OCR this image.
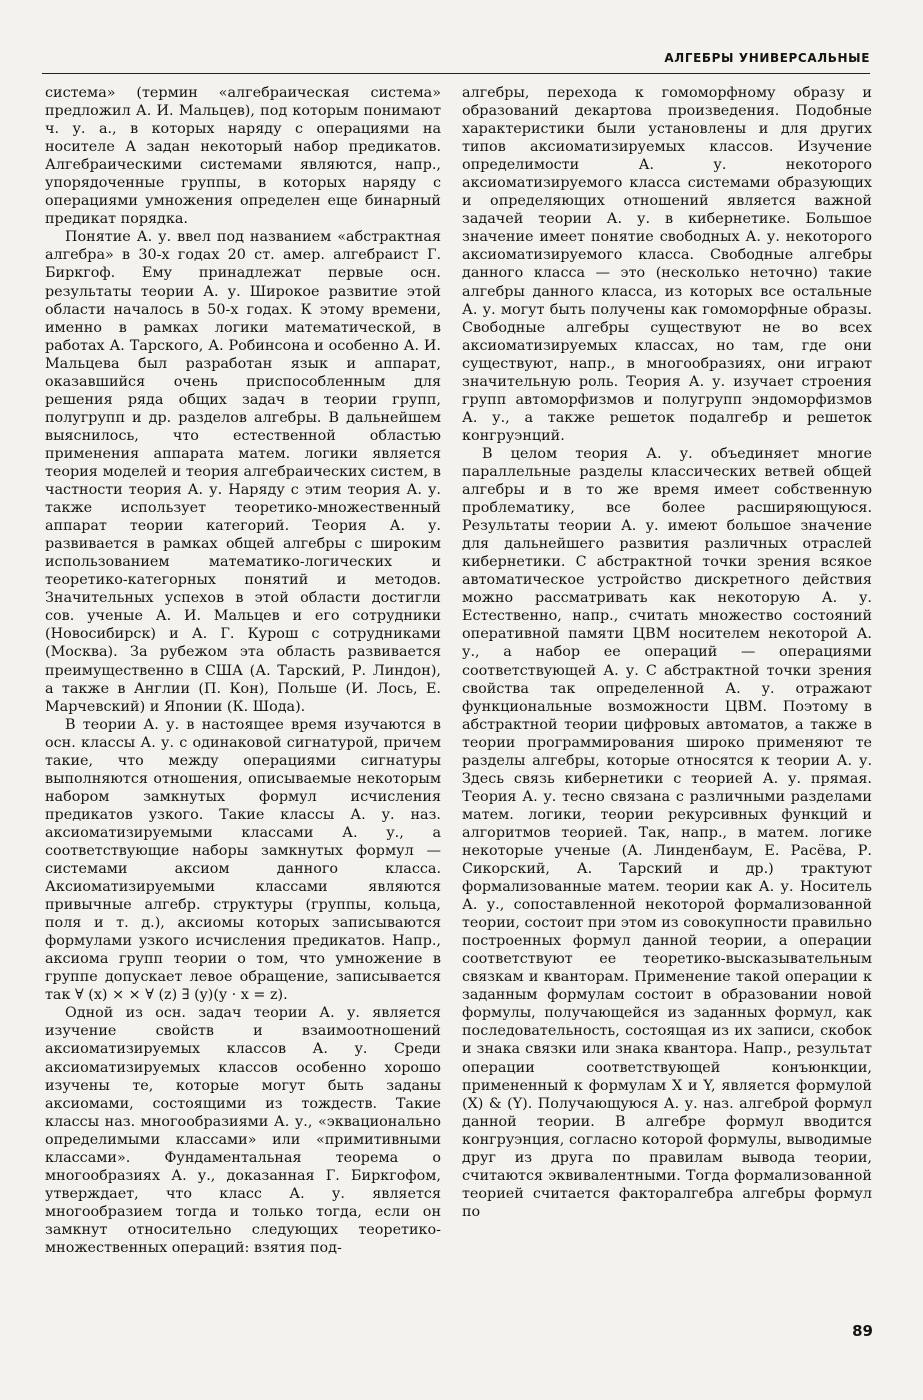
АЛГЕБРЫ УНИВЕРСАЛЬНЫЕ

система» (термин «алгебраическая система» предложил А. И. Мальцев), под которым понимают ч. у. а., в которых наряду с операциями на носителе A задан некоторый набор предикатов. Алгебраическими системами являются, напр., упорядоченные группы, в которых наряду с операциями умножения определен еще бинарный предикат порядка.

Понятие А. у. ввел под названием «абстрактная алгебра» в 30-х годах 20 ст. амер. алгебраист Г. Биркгоф. Ему принадлежат первые осн. результаты теории А. у. Широкое развитие этой области началось в 50-х годах. К этому времени, именно в рамках логики математической, в работах А. Тарского, А. Робинсона и особенно А. И. Мальцева был разработан язык и аппарат, оказавшийся очень приспособленным для решения ряда общих задач в теории групп, полугрупп и др. разделов алгебры. В дальнейшем выяснилось, что естественной областью применения аппарата матем. логики является теория моделей и теория алгебраических систем, в частности теория А. у. Наряду с этим теория А. у. также использует теоретико-множественный аппарат теории категорий. Теория А. у. развивается в рамках общей алгебры с широким использованием математико-логических и теоретико-категорных понятий и методов. Значительных успехов в этой области достигли сов. ученые А. И. Мальцев и его сотрудники (Новосибирск) и А. Г. Курош с сотрудниками (Москва). За рубежом эта область развивается преимущественно в США (А. Тарский, Р. Линдон), а также в Англии (П. Кон), Польше (И. Лось, Е. Марчевский) и Японии (К. Шода).

В теории А. у. в настоящее время изучаются в осн. классы А. у. с одинаковой сигнатурой, причем такие, что между операциями сигнатуры выполняются отношения, описываемые некоторым набором замкнутых формул исчисления предикатов узкого. Такие классы А. у. наз. аксиоматизируемыми классами А. у., а соответствующие наборы замкнутых формул — системами аксиом данного класса. Аксиоматизируемыми классами являются привычные алгебр. структуры (группы, кольца, поля и т. д.), аксиомы которых записываются формулами узкого исчисления предикатов. Напр., аксиома групп теории о том, что умножение в группе допускает левое обращение, записывается так ∀ (x) × × ∀ (z) ∃ (y)(y · x = z).

Одной из осн. задач теории А. у. является изучение свойств и взаимоотношений аксиоматизируемых классов А. у. Среди аксиоматизируемых классов особенно хорошо изучены те, которые могут быть заданы аксиомами, состоящими из тождеств. Такие классы наз. многообразиями А. у., «эквационально определимыми классами» или «примитивными классами». Фундаментальная теорема о многообразиях А. у., доказанная Г. Биркгофом, утверждает, что класс А. у. является многообразием тогда и только тогда, если он замкнут относительно следующих теоретико-множественных операций: взятия под-

алгебры, перехода к гомоморфному образу и образований декартова произведения. Подобные характеристики были установлены и для других типов аксиоматизируемых классов. Изучение определимости А. у. некоторого аксиоматизируемого класса системами образующих и определяющих отношений является важной задачей теории А. у. в кибернетике. Большое значение имеет понятие свободных А. у. некоторого аксиоматизируемого класса. Свободные алгебры данного класса — это (несколько неточно) такие алгебры данного класса, из которых все остальные А. у. могут быть получены как гомоморфные образы. Свободные алгебры существуют не во всех аксиоматизируемых классах, но там, где они существуют, напр., в многообразиях, они играют значительную роль. Теория А. у. изучает строения групп автоморфизмов и полугрупп эндоморфизмов А. у., а также решеток подалгебр и решеток конгруэнций.

В целом теория А. у. объединяет многие параллельные разделы классических ветвей общей алгебры и в то же время имеет собственную проблематику, все более расширяющуюся. Результаты теории А. у. имеют большое значение для дальнейшего развития различных отраслей кибернетики. С абстрактной точки зрения всякое автоматическое устройство дискретного действия можно рассматривать как некоторую А. у. Естественно, напр., считать множество состояний оперативной памяти ЦВМ носителем некоторой А. у., а набор ее операций — операциями соответствующей А. у. С абстрактной точки зрения свойства так определенной А. у. отражают функциональные возможности ЦВМ. Поэтому в абстрактной теории цифровых автоматов, а также в теории программирования широко применяют те разделы алгебры, которые относятся к теории А. у. Здесь связь кибернетики с теорией А. у. прямая. Теория А. у. тесно связана с различными разделами матем. логики, теории рекурсивных функций и алгоритмов теорией. Так, напр., в матем. логике некоторые ученые (А. Линденбаум, Е. Расёва, Р. Сикорский, А. Тарский и др.) трактуют формализованные матем. теории как А. у. Носитель А. у., сопоставленной некоторой формализованной теории, состоит при этом из совокупности правильно построенных формул данной теории, а операции соответствуют ее теоретико-высказывательным связкам и кванторам. Применение такой операции к заданным формулам состоит в образовании новой формулы, получающейся из заданных формул, как последовательность, состоящая из их записи, скобок и знака связки или знака квантора. Напр., результат операции соответствующей конъюнкции, примененный к формулам X и Y, является формулой (X) & (Y). Получающуюся А. у. наз. алгеброй формул данной теории. В алгебре формул вводится конгруэнция, согласно которой формулы, выводимые друг из друга по правилам вывода теории, считаются эквивалентными. Тогда формализованной теорией считается факторалгебра алгебры формул по

89
